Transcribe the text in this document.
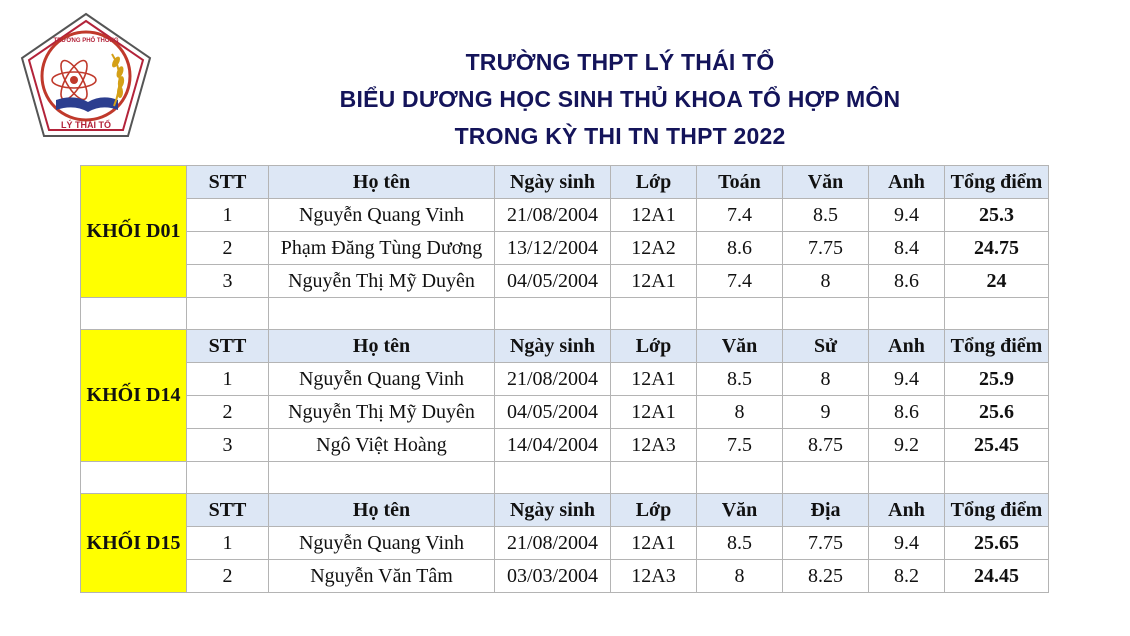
TRƯỜNG PHỔ THÔNG
LÝ THÁI TỔ
TRƯỜNG THPT LÝ THÁI TỔ
BIỂU DƯƠNG HỌC SINH THỦ KHOA TỔ HỢP MÔN
TRONG KỲ THI TN THPT 2022
KHỐI D01	STT	Họ tên	Ngày sinh	Lớp	Toán	Văn	Anh	Tổng điểm
	1	Nguyễn Quang Vinh	21/08/2004	12A1	7.4	8.5	9.4	25.3
	2	Phạm Đăng Tùng Dương	13/12/2004	12A2	8.6	7.75	8.4	24.75
	3	Nguyễn Thị Mỹ Duyên	04/05/2004	12A1	7.4	8	8.6	24

KHỐI D14	STT	Họ tên	Ngày sinh	Lớp	Văn	Sử	Anh	Tổng điểm
	1	Nguyễn Quang Vinh	21/08/2004	12A1	8.5	8	9.4	25.9
	2	Nguyễn Thị Mỹ Duyên	04/05/2004	12A1	8	9	8.6	25.6
	3	Ngô Việt Hoàng	14/04/2004	12A3	7.5	8.75	9.2	25.45

KHỐI D15	STT	Họ tên	Ngày sinh	Lớp	Văn	Địa	Anh	Tổng điểm
	1	Nguyễn Quang Vinh	21/08/2004	12A1	8.5	7.75	9.4	25.65
	2	Nguyễn Văn Tâm	03/03/2004	12A3	8	8.25	8.2	24.45
